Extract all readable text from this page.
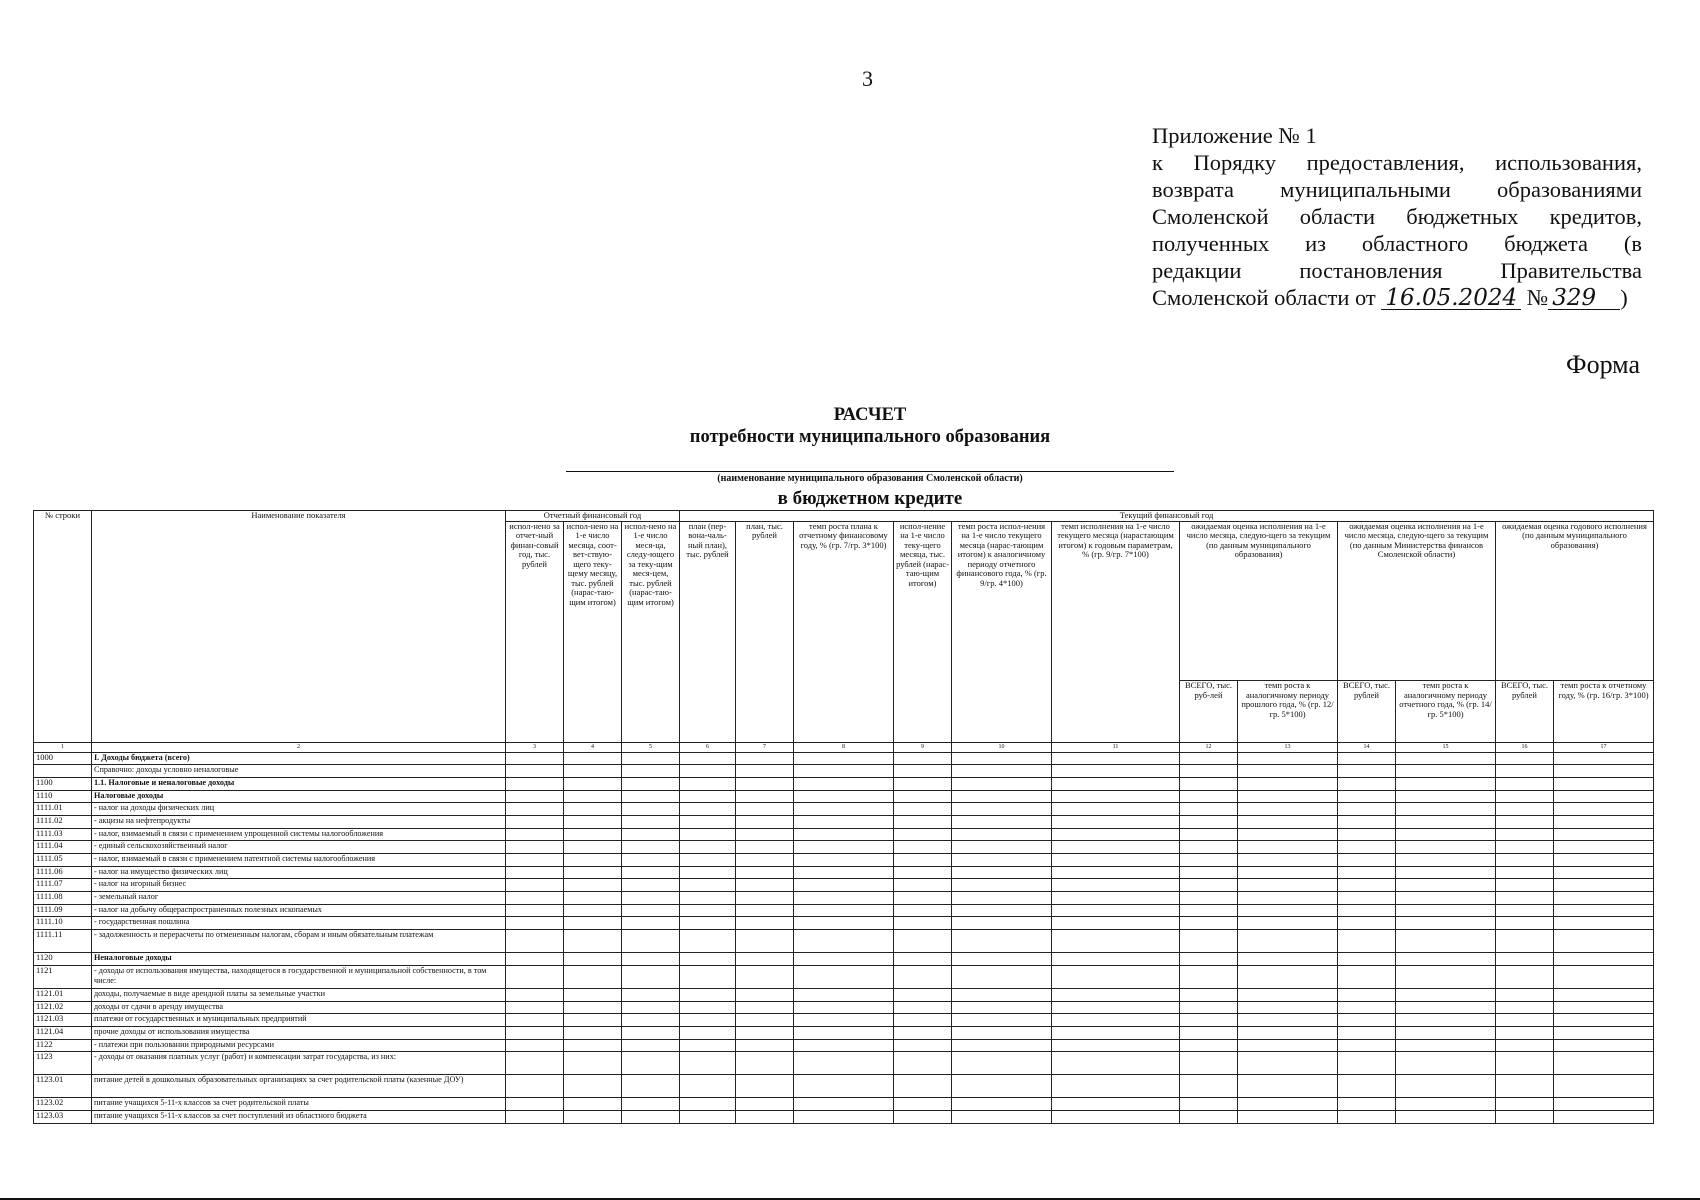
3
Приложение № 1
к Порядку предоставления, использования,
возврата муниципальными образованиями
Смоленской области бюджетных кредитов,
полученных из областного бюджета (в
редакции постановления Правительства
Смоленской области от 16.05.2024 № 329 )
Форма
РАСЧЕТ
потребности муниципального образования
(наименование муниципального образования Смоленской области)
в бюджетном кредите
№ строки	Наименование показателя	Отчетный финансовый год			Текущий финансовый год											
		испол-нено за отчет-ный финан-совый год, тыс. рублей	испол-нено на 1-е число месяца, соот-вет-ствую-щего теку-щему месяцу, тыс. рублей (нарас-таю-щим итогом)	испол-нено на 1-е число меся-ца, следу-ющего за теку-щим меся-цем, тыс. рублей (нарас-таю-щим итогом)	план (пер-вона-чаль-ный план), тыс. рублей	план, тыс. рублей	темп роста плана к отчетному финансовому году, % (гр. 7/гр. 3*100)	испол-нение на 1-е число теку-щего месяца, тыс. рублей (нарас-таю-щим итогом)	темп роста испол-нения на 1-е число текущего месяца (нарас-тающим итогом) к аналогичному периоду отчетного финансового года, % (гр. 9/гр. 4*100)	темп исполнения на 1-е число текущего месяца (нарастающим итогом) к годовым параметрам, % (гр. 9/гр. 7*100)	ожидаемая оценка исполнения на 1-е число месяца, следую-щего за текущим (по данным муниципального образования)		ожидаемая оценка исполнения на 1-е число месяца, следую-щего за текущим (по данным Министерства финансов Смоленской области)		ожидаемая оценка годового исполнения (по данным муниципального образования)	
											ВСЕГО, тыс. руб-лей	темп роста к аналогичному периоду прошлого года, % (гр. 12/гр. 5*100)	ВСЕГО, тыс. рублей	темп роста к аналогичному периоду отчетного года, % (гр. 14/гр. 5*100)	ВСЕГО, тыс. рублей	темп роста к отчетному году, % (гр. 16/гр. 3*100)
1	2	3	4	5	6	7	8	9	10	11	12	13	14	15	16	17
1000	I. Доходы бюджета (всего)															
	Справочно: доходы условно неналоговые															
1100	1.1. Налоговые и неналоговые доходы															
1110	Налоговые доходы															
1111.01	- налог на доходы физических лиц															
1111.02	- акцизы на нефтепродукты															
1111.03	- налог, взимаемый в связи с применением упрощенной системы налогообложения															
1111.04	- единый сельскохозяйственный налог															
1111.05	- налог, взимаемый в связи с применением патентной системы налогообложения															
1111.06	- налог на имущество физических лиц															
1111.07	- налог на игорный бизнес															
1111.08	- земельный налог															
1111.09	- налог на добычу общераспространенных полезных ископаемых															
1111.10	- государственная пошлина															
1111.11	- задолженность и перерасчеты по отмененным налогам, сборам и иным обязательным платежам															
1120	Неналоговые доходы															
1121	- доходы от использования имущества, находящегося в государственной и муниципальной собственности, в том числе:															
1121.01	доходы, получаемые в виде арендной платы за земельные участки															
1121.02	доходы от сдачи в аренду имущества															
1121.03	платежи от государственных и муниципальных предприятий															
1121.04	прочие доходы от использования имущества															
1122	- платежи при пользовании природными ресурсами															
1123	- доходы от оказания платных услуг (работ) и компенсации затрат государства, из них:															
1123.01	питание детей в дошкольных образовательных организациях за счет родительской платы (казенные ДОУ)															
1123.02	питание учащихся 5-11-х классов за счет родительской платы															
1123.03	питание учащихся 5-11-х классов за счет поступлений из областного бюджета															
